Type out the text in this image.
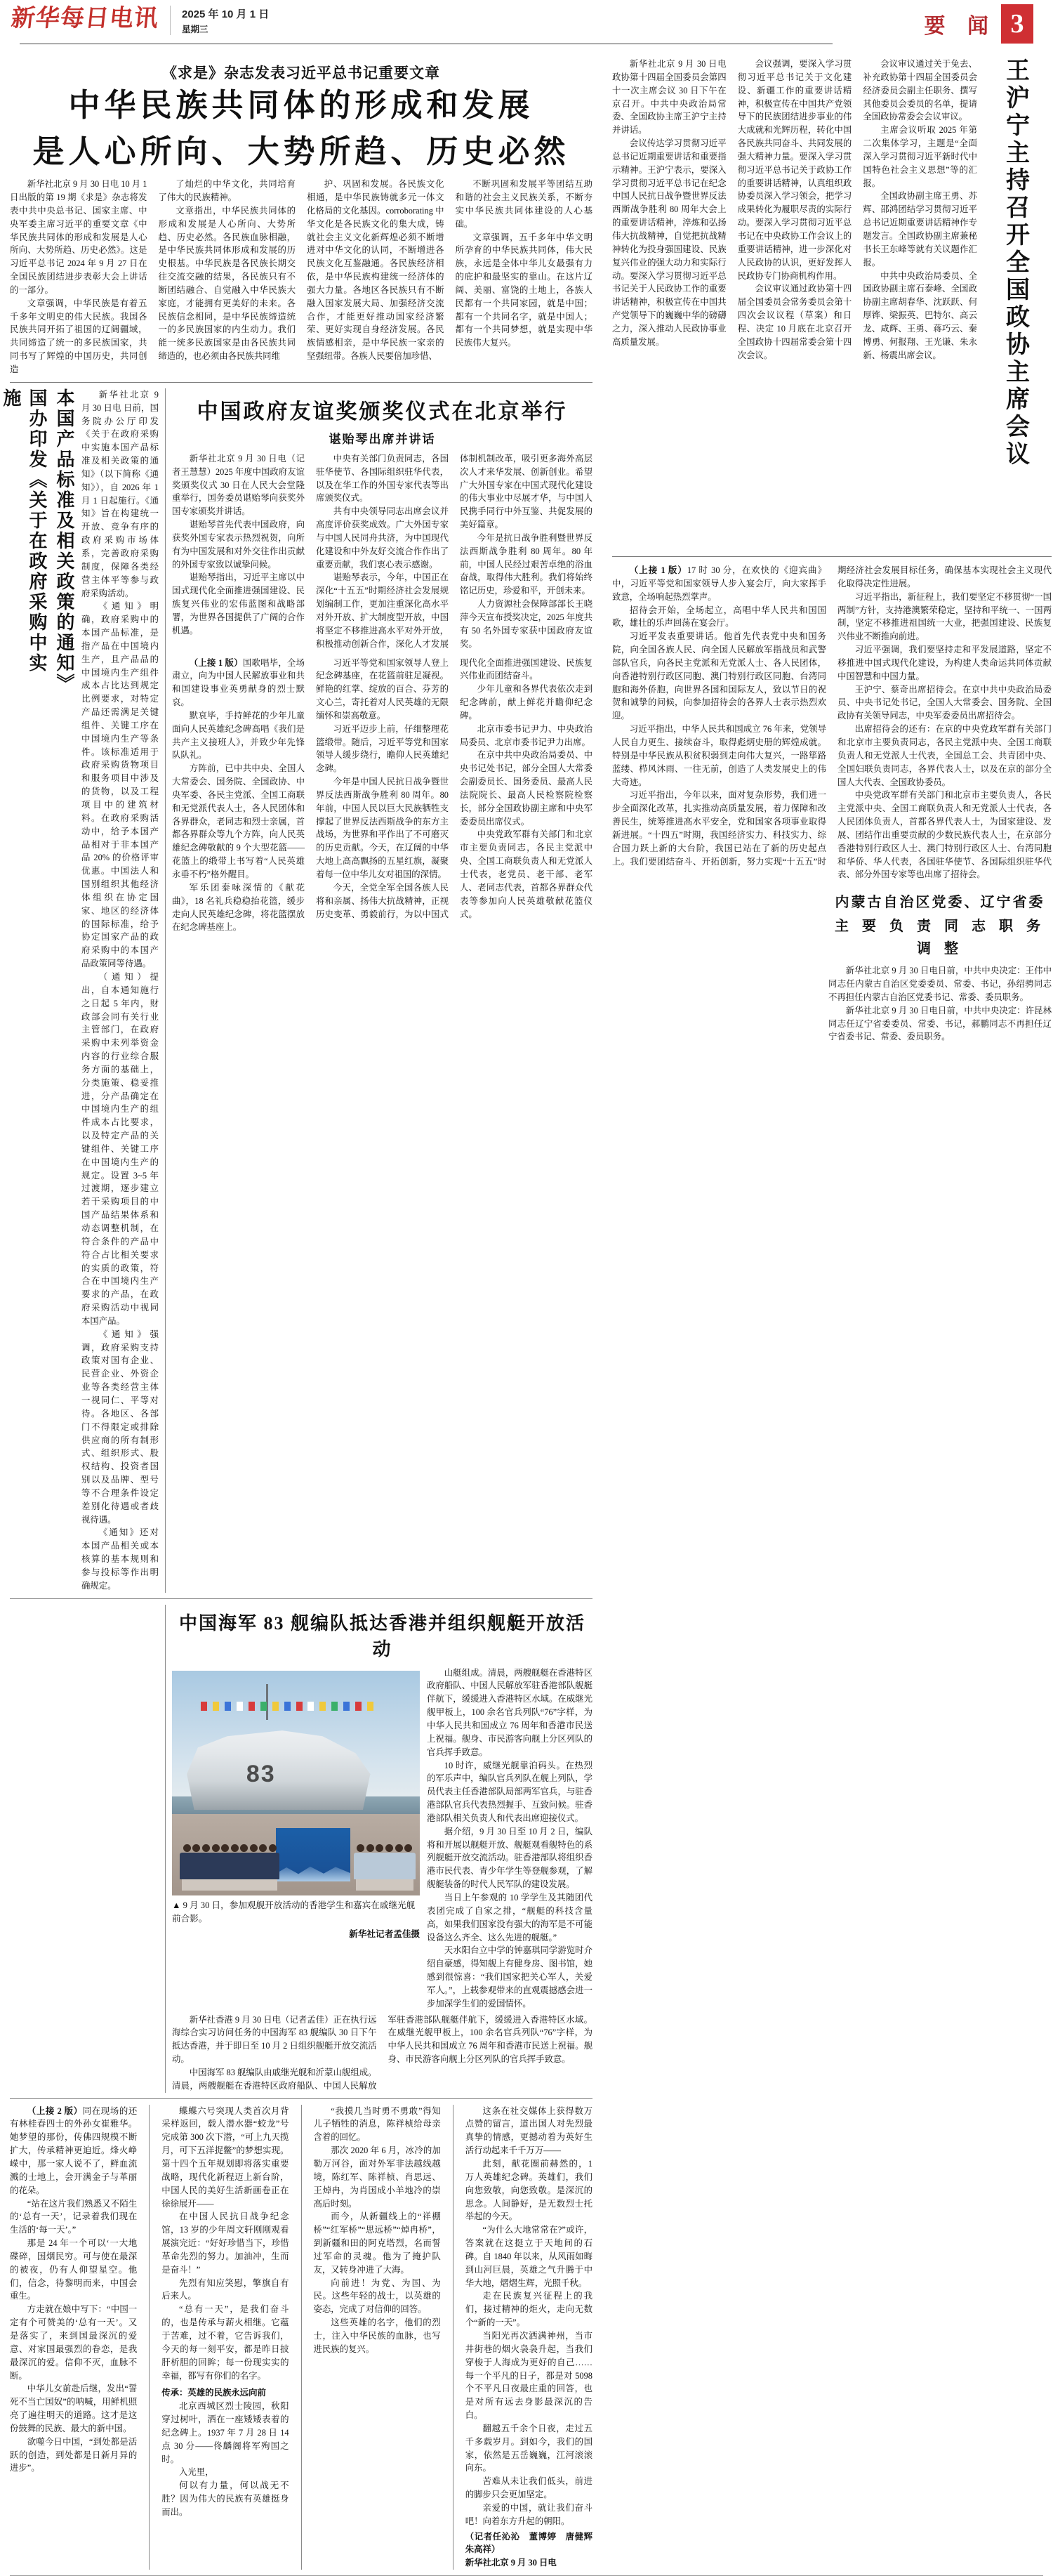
新华每日电讯 2025 年 10 月 1 日
星期三	要 闻 3
《求是》杂志发表习近平总书记重要文章
中华民族共同体的形成和发展
是人心所向、大势所趋、历史必然

新华社北京 9 月 30 日电 10 月 1 日出版的第 19 期《求是》杂志将发表中共中央总书记、国家主席、中央军委主席习近平的重要文章《中华民族共同体的形成和发展是人心所向、大势所趋、历史必然》。这是习近平总书记 2024 年 9 月 27 日在全国民族团结进步表彰大会上讲话的一部分。

文章强调，中华民族是有着五千多年文明史的伟大民族。我国各民族共同开拓了祖国的辽阔疆域，共同缔造了统一的多民族国家，共同书写了辉煌的中国历史，共同创造

了灿烂的中华文化，共同培育了伟大的民族精神。

文章指出，中华民族共同体的形成和发展是人心所向、大势所趋、历史必然。各民族血脉相融，是中华民族共同体形成和发展的历史根基。中华民族是各民族长期交往交流交融的结果，各民族只有不断团结融合、自觉融入中华民族大家庭，才能拥有更美好的未来。各民族信念相同，是中华民族缔造统一的多民族国家的内生动力。我们能一统多民族国家是由各民族共同缔造的，也必须由各民族共同维

护、巩固和发展。各民族文化相通，是中华民族铸就多元一体文化格局的文化基因。corroborating 中华文化是各民族文化的集大成，铸就社会主义文化新辉煌必须不断增进对中华文化的认同，不断增进各民族文化互鉴融通。各民族经济相依，是中华民族构建统一经济体的强大力量。各地区各民族只有不断融入国家发展大局、加强经济交流合作，才能更好推动国家经济繁荣、更好实现自身经济发展。各民族情感相亲，是中华民族一家亲的坚强纽带。各族人民要倍加珍惜、

不断巩固和发展平等团结互助和谐的社会主义民族关系，不断夯实中华民族共同体建设的人心基础。

文章强调，五千多年中华文明所孕育的中华民族共同体，伟大民族，永远是全体中华儿女最强有力的庇护和最坚实的靠山。在这片辽阔、美丽、富饶的土地上，各族人民都有一个共同家园，就是中国；都有一个共同名字，就是中国人；都有一个共同梦想，就是实现中华民族伟大复兴。

本国产品标准及相关政策的通知》
国办印发《关于在政府采购中实施	新华社北京 9 月 30 日电 日前，国务院办公厅印发《关于在政府采购中实施本国产品标准及相关政策的通知》（以下简称《通知》），自 2026 年 1 月 1 日起施行。《通知》旨在构建统一开放、竞争有序的政府采购市场体系，完善政府采购制度，保障各类经营主体平等参与政府采购活动。

《通知》明确，政府采购中的本国产品标准，是指产品在中国境内生产，且产品品的中国境内生产组件成本占比达到规定比例要求，对特定产品还需满足关键组件、关键工序在中国境内生产等条件。该标准适用于政府采购货物项目和服务项目中涉及的货物，以及工程项目中的建筑材料。在政府采购活动中，给予本国产品相对于非本国产品 20% 的价格评审优惠。中国法人和国别组织其他经济体组织在协定国家、地区的经济体的国际标准，给予协定国家产品的政府采购中的本国产品政策同等待遇。

（通知）提出，自本通知施行之日起 5 年内，财政部会同有关行业主管部门，在政府采购中未列举资金内容的行业综合服务方面的基础上，分类施策、稳妥推进，分产品确定在中国境内生产的组件成本占比要求，以及特定产品的关键组件、关键工序在中国境内生产的规定。设置 3~5 年过渡期，逐步建立若干采购项目的中国产品结果体系和动态调整机制，在符合条件的产品中符合占比相关要求的实质的政策，符合在中国境内生产要求的产品，在政府采购活动中视同本国产品。

《通知》强调，政府采购支持政策对国有企业、民营企业、外资企业等各类经营主体一视同仁、平等对待。各地区、各部门不得限定或排除供应商的所有制形式、组织形式、股权结构、投资者国别以及品牌、型号等不合理条件设定差别化待遇或者歧视待遇。

《通知》还对本国产品相关或本核算的基本规则和参与投标等作出明确规定。

中国政府友谊奖颁奖仪式在北京举行
谌贻琴出席并讲话

新华社北京 9 月 30 日电（记者王慧慧）2025 年度中国政府友谊奖颁奖仪式 30 日在人民大会堂隆重举行，国务委员谌贻琴向获奖外国专家颁奖并讲话。

谌贻琴首先代表中国政府，向获奖外国专家表示热烈祝贺，向所有为中国发展和对外交往作出贡献的外国专家致以诚挚问候。

谌贻琴指出，习近平主席以中国式现代化全面推进强国建设、民族复兴伟业的宏伟蓝图和战略部署，为世界各国提供了广阔的合作机遇。

中央有关部门负责同志，各国驻华使节、各国际组织驻华代表，以及在华工作的外国专家代表等出席颁奖仪式。

共有中央领导同志出席会议并高度评价获奖成效。广大外国专家与中国人民同舟共济，为中国现代化建设和中外友好交流合作作出了重要贡献，我们衷心表示感谢。

谌贻琴表示，今年，中国正在深化“十五五”时期经济社会发展规划编制工作，更加注重深化高水平对外开放、扩大制度型开放，中国将坚定不移推进高水平对外开放，积极推动创新合作，深化人才发展体制机制改革，吸引更多海外高层次人才来华发展、创新创业。希望广大外国专家在中国式现代化建设的伟大事业中尽展才华，与中国人民携手同行中外互鉴、共促发展的美好篇章。

今年是抗日战争胜利暨世界反法西斯战争胜利 80 周年。80 年前，中国人民经过艰苦卓绝的浴血奋战，取得伟大胜利。我们将始终铭记历史，珍爱和平，开创未来。

人力资源社会保障部部长王晓萍今天宣布授奖决定，2025 年度共有 50 名外国专家获中国政府友谊奖。

（上接 1 版）国歌唱毕，全场肃立，向为中国人民解放事业和共和国建设事业英勇献身的烈士默哀。

默哀毕，手持鲜花的少年儿童面向人民英雄纪念碑高唱《我们是共产主义接班人》，并致少年先锋队队礼。

方阵前，已中共中央、全国人大常委会、国务院、全国政协、中央军委、各民主党派、全国工商联和无党派代表人士，各人民团体和各界群众，老同志和烈士亲属，首都各界群众等九个方阵，向人民英雄纪念碑敬献的 9 个大型花篮——花篮上的缎带上书写着“人民英雄永垂不朽”格外醒目。

军乐团泰咏深情的《献花曲》，18 名礼兵稳稳抬花篮，缓步走向人民英雄纪念碑，将花篮摆放在纪念碑基座上。

习近平等党和国家领导人登上纪念碑基座，在花篮前驻足凝视。鲜艳的红掌、绽放的百合、芬芳的文心兰，寄托着对人民英雄的无限缅怀和崇高敬意。

习近平迈步上前，仔细整理花篮缎带。随后，习近平等党和国家领导人缓步绕行，瞻仰人民英雄纪念碑。

今年是中国人民抗日战争暨世界反法西斯战争胜利 80 周年。80 年前，中国人民以巨大民族牺牲支撑起了世界反法西斯战争的东方主战场，为世界和平作出了不可磨灭的历史贡献。今天，在辽阔的中华大地上高高飘扬的五星红旗，凝聚着每一位中华儿女对祖国的深情。

今天，全党全军全国各族人民将和亲属、扬伟大抗战精神，正视历史变革、勇毅前行，为以中国式现代化全面推进强国建设、民族复兴伟业而团结奋斗。

少年儿童和各界代表依次走到纪念碑前，献上鲜花并瞻仰纪念碑。

北京市委书记尹力、中央政治局委员、北京市委书记尹力出席。

在京中共中央政治局委员、中央书记处书记，部分全国人大常委会副委员长、国务委员、最高人民法院院长、最高人民检察院检察长，部分全国政协副主席和中央军委委员出席仪式。

中央党政军群有关部门和北京市主要负责同志，各民主党派中央、全国工商联负责人和无党派人士代表，老党员、老干部、老军人、老同志代表，首都各界群众代表等参加向人民英雄敬献花篮仪式。

中国海军 83 舰编队抵达香港并组织舰艇开放活动
83
▲ 9 月 30 日，参加观舰开放活动的香港学生和嘉宾在戚继光舰前合影。
新华社记者孟佳摄

山艇组成。清晨，两艘舰艇在香港特区政府船队、中国人民解放军驻香港部队舰艇伴航下，缓缓进入香港特区水域。在威继光舰甲板上，100 余名官兵列队“76”字样，为中华人民共和国成立 76 周年和香港市民送上祝福。舰身、市民游客向舰上分区列队的官兵挥手致意。

10 时许，威继光舰靠泊码头。在热烈的军乐声中，编队官兵列队在舰上列队，学员代表主任香港部队局部两军官兵，与驻香港部队官兵代表热烈握手、互致问候。驻香港部队相关负责人和代表出席迎接仪式。

据介绍，9 月 30 日至 10 月 2 日，编队将和开展以舰艇开放、舰艇观看舰特色的系列舰艇开放交流活动。驻香港部队将组织香港市民代表、青少年学生等登舰参观，了解舰艇装备的时代人民军队的建设发展。

当日上午参观的 10 学学生及其随团代表团完成了自家之排，“舰艇的科技含量高，如果我们国家没有强大的海军是不可能设备这么齐全、这么先进的舰艇。”

天水阳台立中学的钟嘉琪同学游览时介绍自豪感，得知舰上有健身房、图书馆，她感到很惊喜：“我们国家把关心军人，关爱军人。”，上载参观带来的直观震撼感会进一步加深学生们的爱国情怀。

新华社香港 9 月 30 日电（记者孟佳）正在执行远海综合实习访问任务的中国海军 83 舰编队 30 日下午抵达香港，并于即日至 10 月 2 日组织舰艇开放交流活动。

中国海军 83 舰编队由戚继光舰和沂蒙山舰组成。清晨，两艘舰艇在香港特区政府船队、中国人民解放军驻香港部队舰艇伴航下，缓缓进入香港特区水域。在威继光舰甲板上，100 余名官兵列队“76”字样，为中华人民共和国成立 76 周年和香港市民送上祝福。舰身、市民游客向舰上分区列队的官兵挥手致意。

（上接 2 版）同在现场的还有林桂春四士的外孙女崔雅华。她梦望的那份，传佛四规模不断扩大，传承精神更迫近。烽火峥嵘中，那一家人说不了，鲜血流溅的士地上，会开满金子与革丽的花朵。

“站在这片我们熟悉又不陌生的‘总有一天’，记录着我们现在生活的‘每一天’。”

那是 24 年一个可以‘一大地碟碎，国烟民穷。可与使在最深的被夜，仍有人仰望星空。他们，信念，待黎明而来，中国会重生。

方走就在娘中写下：“中国一定有个可赞美的‘总有一天’。又是落实了，来到国最深沉的爱意、对家国最强烈的眷恋，是我最深沉的爱。信仰不灭，血脉不断。

中华儿女前赴后继，发出“誓死不当亡国奴”的呐喊，用鲜机照亮了遍往明天的道路。这才是这份鼓舞的民族、最大的新中国。

欲噬今日中国，“到处都是活跃的创造，到处都是日新月异的进步”。

蝶蝶六号突现人类首次月背采样返回，载人潜水器“蛟龙”号完成第 300 次下潜，“可上九天揽月，可下五洋捉鳖”的梦想实现。第十四个五年规划即将落实重要战略，现代化新程迈上新台阶，中国人民的美好生活新画卷正在徐徐展开——

在中国人民抗日战争纪念馆，13 岁的少年周文轩刚刚观看展演完近：“好好珍惜当下，珍惜革命先烈的努力。加油冲，生而是奋斗！”

先烈有知应笑慰，擎旗自有后来人。

“总有一天”，是我们奋斗的，也是传承与薪火相继。它蕴于苦难，过不着，它告诉我们，今天的每一刻平安，都是昨日披肝析胆的回眸；每一份现实实的幸福，都写有你们的名字。

传承：英雄的民族永远向前

北京西城区烈士陵园，秋阳穿过树叶，洒在一座矮矮表着的纪念碑上。1937 年 7 月 28 日 14 点 30 分——佟麟阁将军殉国之时。

入光里，

何以有力量，何以战无不胜？因为伟大的民族有英雄挺身而出。

“我摸几当时勇不勇敢”得知儿子牺牲的消息，陈祥桢给母亲含着的回忆。

那次 2020 年 6 月，冰冷的加勒万河谷，面对外军非法越线越境，陈红军、陈祥桢、肖思远、王焯冉，为肖国成小羊地冷的崇高后时刻。

而今，从新疆线上的“祥棚桥”“红军桥”“思远桥”“焯冉桥”，到新疆和田的阿克塔烈，名而誓过军命的灵魂。他为了掩护队友，又转身冲进了大海。

向前进！为党、为国、为民。这些年轻的战士，以英雄的姿态，完成了对信仰的回答。

这些英雄的名字，他们的烈士，注入中华民族的血脉，也写进民族的复兴。

这条在社交媒体上获得数万点赞的留言，道出国人对先烈最真挚的情感，更撼动着为英好生活行动起来千千万万——

此刻，献花圈前赫然的，1 万人英雄纪念碑。英雄们，我们向您致敬，向您致敬。是深沉的思念。人间静好，是无数烈士托举起的今天。

“为什么大地常常在?”或许，答案就在这挺立于天地间的石碑。自 1840 年以来，从风雨如晦到山河巨晨，英雄之气升腾于中华大地，熠熠生辉，光照千秋。

走在民族复兴征程上的我们，接过精神的炬火，走向无数个“新的一天”。

当阳光再次洒满神州，当市井街巷的烟火袅袅升起，当我们穿梭于人海成为更好的自己……每一个平凡的日子，都是对 5098 个不平凡日夜最庄重的回答，也是对所有远去身影最深沉的告白。

翻越五千余个日夜，走过五千多载岁月。到如今，我们的国家，依然是五岳巍巍，江河滚滚向东。

苦难从未让我们低头，前进的脚步只会更加坚定。

亲爱的中国，就让我们奋斗吧！向着东方升起的朝阳。

（记者任沁沁　董博婷　唐健辉　朱高祥）

新华社北京 9 月 30 日电

新华社北京 9 月 30 日电政协第十四届全国委员会第四十一次主席会议 30 日下午在京召开。中共中央政治局常委、全国政协主席王沪宁主持并讲话。

会议传达学习贯彻习近平总书记近期重要讲话和重要指示精神。王沪宁表示，要深入学习贯彻习近平总书记在纪念中国人民抗日战争暨世界反法西斯战争胜利 80 周年大会上的重要讲话精神，淬炼和弘扬伟大抗战精神，自觉把抗战精神转化为投身强国建设、民族复兴伟业的强大动力和实际行动。要深入学习贯彻习近平总书记关于人民政协工作的重要讲话精神，积极宣传在中国共产党领导下的巍巍中华的磅礴之力，深入推动人民政协事业高质量发展。

会议强调，要深入学习贯彻习近平总书记关于文化建设、新疆工作的重要讲话精神，积极宣传在中国共产党领导下的民族团结进步事业的伟大成就和光辉历程，转化中国各民族共同奋斗、共同发展的强大精神力量。要深入学习贯彻习近平总书记关于政协工作的重要讲话精神，认真组织政协委员深入学习领会，把学习成果转化为履职尽责的实际行动。要深入学习贯彻习近平总书记在中央政协工作会议上的重要讲话精神，进一步深化对人民政协的认识，更好发挥人民政协专门协商机构作用。

会议审议通过政协第十四届全国委员会常务委员会第十四次会议议程（草案）和日程、决定 10 月底在北京召开全国政协十四届常委会第十四次会议。

会议审议通过关于免去、补充政协第十四届全国委员会经济委员会副主任职务、撰写其他委员会委员的名单，提请全国政协常委会会议审议。

主席会议听取 2025 年第二次集体学习，主题是“全面深入学习贯彻习近平新时代中国特色社会主义思想”等的汇报。

全国政协副主席王勇、苏辉、邵鸿团结学习贯彻习近平总书记近期重要讲话精神作专题发言。全国政协副主席兼秘书长王东峰等就有关议题作汇报。

中共中央政治局委员、全国政协副主席石泰峰、全国政协副主席胡春华、沈跃跃、何厚铧、梁振英、巴特尔、高云龙、咸辉、王勇、蒋巧云、秦博勇、何报翔、王光谦、朱永新、杨震出席会议。	王沪宁主持召开全国政协主席会议

（上接 1 版）17 时 30 分，在欢快的《迎宾曲》中，习近平等党和国家领导人步入宴会厅，向大家挥手致意，全场响起热烈掌声。

招待会开始，全场起立，高唱中华人民共和国国歌，雄壮的乐声回荡在宴会厅。

习近平发表重要讲话。他首先代表党中央和国务院，向全国各族人民、向全国人民解放军指战员和武警部队官兵，向各民主党派和无党派人士、各人民团体，向香港特别行政区同胞、澳门特别行政区同胞、台湾同胞和海外侨胞，向世界各国和国际友人，致以节日的祝贺和诚挚的问候，向参加招待会的各界人士表示热烈欢迎。

习近平指出，中华人民共和国成立 76 年来，党领导人民自力更生、接续奋斗，取得彪炳史册的辉煌成就。特别是中华民族从积贫积弱到走向伟大复兴，一路筚路蓝缕、栉风沐雨、一往无前，创造了人类发展史上的伟大奇迹。

习近平指出，今年以来，面对复杂形势，我们进一步全面深化改革，扎实推动高质量发展，着力保障和改善民生，统筹推进高水平安全，党和国家各项事业取得新进展。“十四五”时期，我国经济实力、科技实力、综合国力跃上新的大台阶，我国已站在了新的历史起点上。我们要团结奋斗、开拓创新，努力实现“十五五”时期经济社会发展目标任务，确保基本实现社会主义现代化取得决定性进展。

习近平指出，新征程上，我们要坚定不移贯彻“一国两制”方针，支持港澳繁荣稳定，坚持和平统一、一国两制，坚定不移推进祖国统一大业，把强国建设、民族复兴伟业不断推向前进。

习近平强调，我们要坚持走和平发展道路，坚定不移推进中国式现代化建设，为构建人类命运共同体贡献中国智慧和中国力量。

王沪宁、蔡奇出席招待会。在京中共中央政治局委员、中央书记处书记，全国人大常委会、国务院、全国政协有关领导同志，中央军委委员出席招待会。

出席招待会的还有：在京的中央党政军群有关部门和北京市主要负责同志，各民主党派中央、全国工商联负责人和无党派人士代表，全国总工会、共青团中央、全国妇联负责同志，各界代表人士，以及在京的部分全国人大代表、全国政协委员。

中央党政军群有关部门和北京市主要负责人，各民主党派中央、全国工商联负责人和无党派人士代表，各人民团体负责人，首都各界代表人士，为国家建设、发展、团结作出重要贡献的少数民族代表人士，在京部分香港特别行政区人士、澳门特别行政区人士、台湾同胞和华侨、华人代表，各国驻华使节、各国际组织驻华代表、部分外国专家等也出席了招待会。

内蒙古自治区党委、辽宁省委
主 要 负 责 同 志 职 务 调 整

新华社北京 9 月 30 日电日前，中共中央决定：王伟中同志任内蒙古自治区党委委员、常委、书记，孙绍骋同志不再担任内蒙古自治区党委书记、常委、委员职务。

新华社北京 9 月 30 日电日前，中共中央决定：许昆林同志任辽宁省委委员、常委、书记，郝鹏同志不再担任辽宁省委书记、常委、委员职务。
